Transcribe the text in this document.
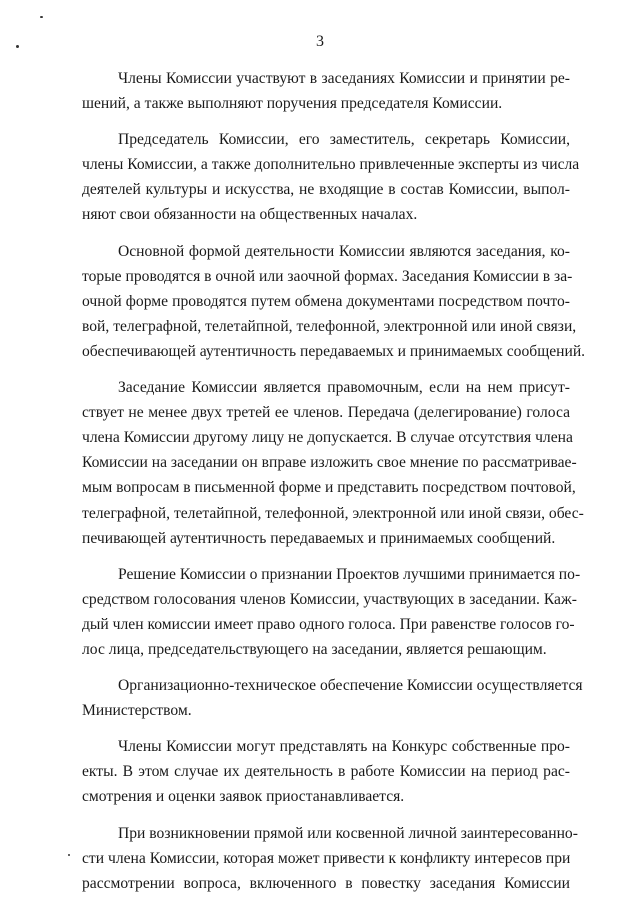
3
Члены Комиссии участвуют в заседаниях Комиссии и принятии ре-
шений, а также выполняют поручения председателя Комиссии.
Председатель Комиссии, его заместитель, секретарь Комиссии,
члены Комиссии, а также дополнительно привлеченные эксперты из числа
деятелей культуры и искусства, не входящие в состав Комиссии, выпол-
няют свои обязанности на общественных началах.
Основной формой деятельности Комиссии являются заседания, ко-
торые проводятся в очной или заочной формах. Заседания Комиссии в за-
очной форме проводятся путем обмена документами посредством почто-
вой, телеграфной, телетайпной, телефонной, электронной или иной связи,
обеспечивающей аутентичность передаваемых и принимаемых сообщений.
Заседание Комиссии является правомочным, если на нем присут-
ствует не менее двух третей ее членов. Передача (делегирование) голоса
члена Комиссии другому лицу не допускается. В случае отсутствия члена
Комиссии на заседании он вправе изложить свое мнение по рассматривае-
мым вопросам в письменной форме и представить посредством почтовой,
телеграфной, телетайпной, телефонной, электронной или иной связи, обес-
печивающей аутентичность передаваемых и принимаемых сообщений.
Решение Комиссии о признании Проектов лучшими принимается по-
средством голосования членов Комиссии, участвующих в заседании. Каж-
дый член комиссии имеет право одного голоса. При равенстве голосов го-
лос лица, председательствующего на заседании, является решающим.
Организационно-техническое обеспечение Комиссии осуществляется
Министерством.
Члены Комиссии могут представлять на Конкурс собственные про-
екты. В этом случае их деятельность в работе Комиссии на период рас-
смотрения и оценки заявок приостанавливается.
При возникновении прямой или косвенной личной заинтересованно-
сти члена Комиссии, которая может привести к конфликту интересов при
рассмотрении вопроса, включенного в повестку заседания Комиссии
